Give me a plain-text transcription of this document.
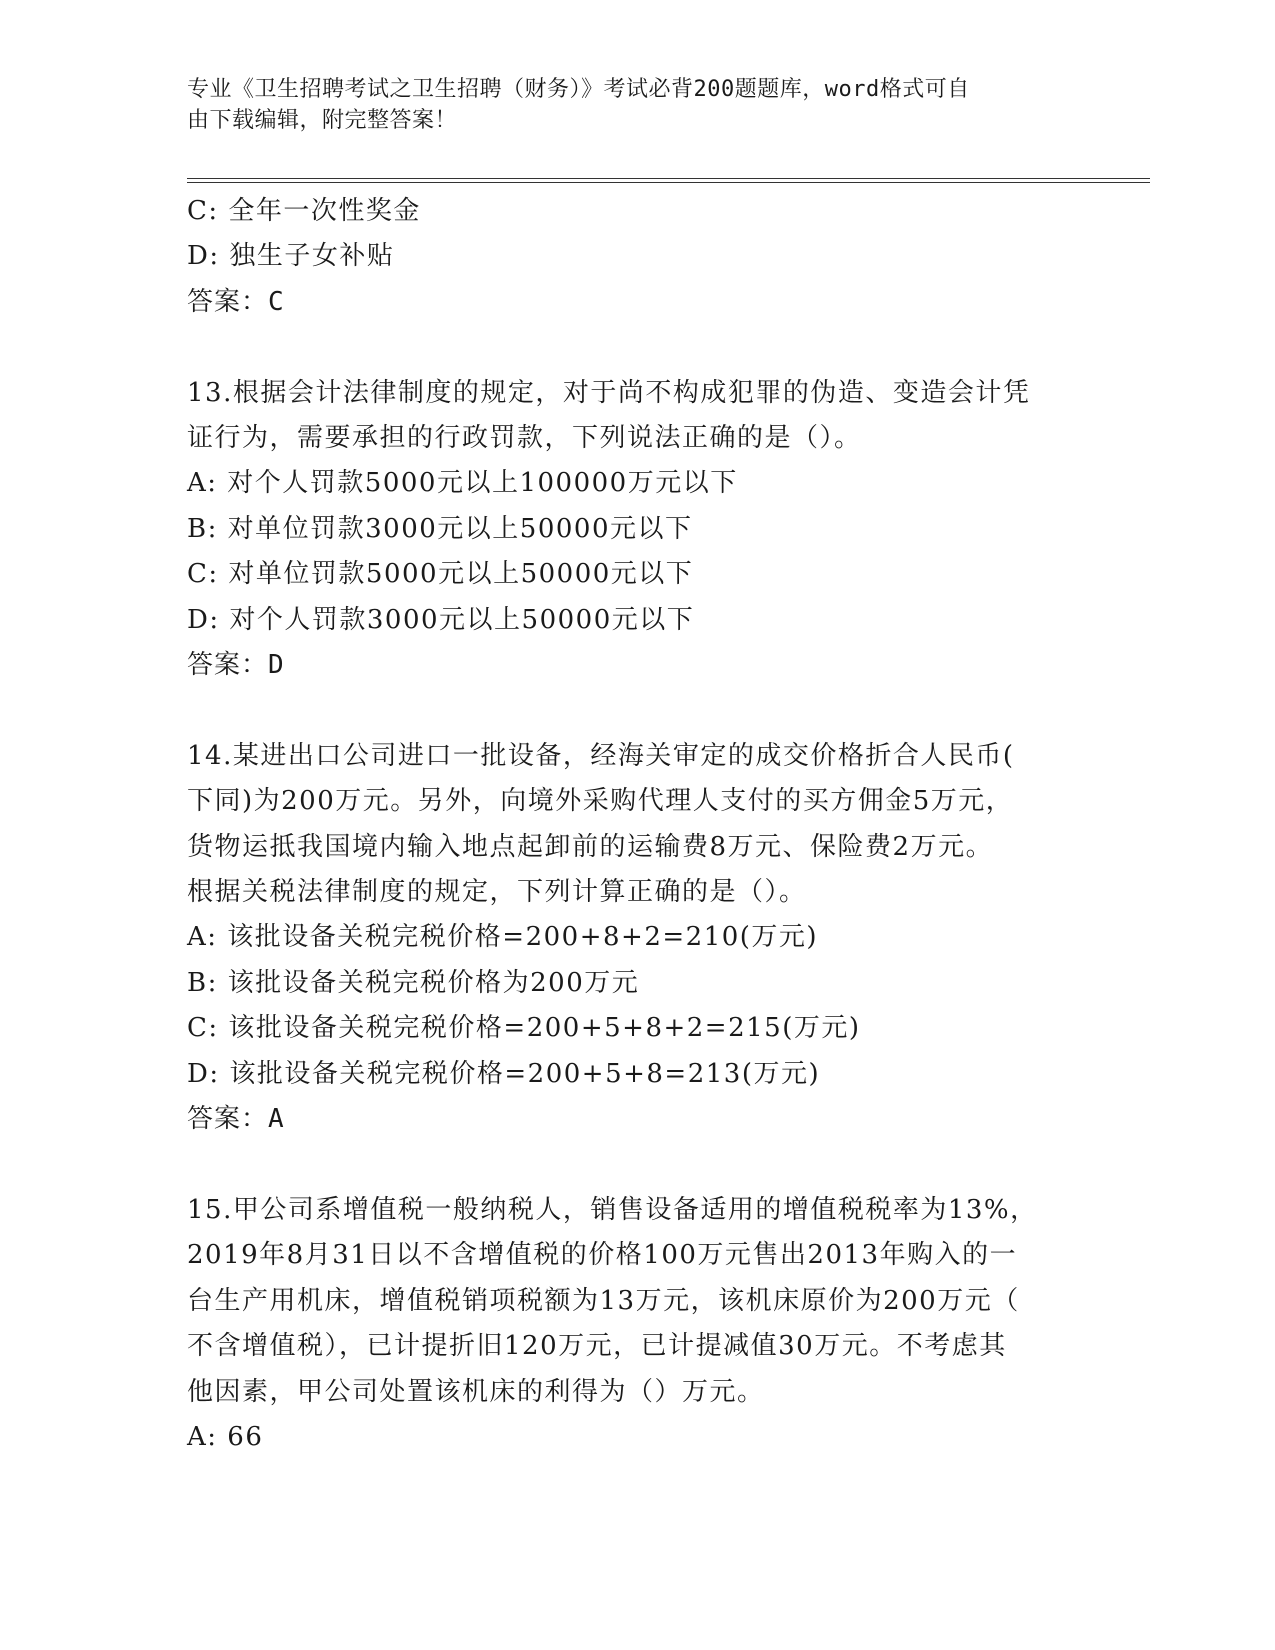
专业《卫生招聘考试之卫生招聘（财务）》考试必背200题题库，word格式可自
由下载编辑，附完整答案！
C: 全年一次性奖金
D: 独生子女补贴
答案：C
13.根据会计法律制度的规定，对于尚不构成犯罪的伪造、变造会计凭
证行为，需要承担的行政罚款，下列说法正确的是（）。
A: 对个人罚款5000元以上100000万元以下
B: 对单位罚款3000元以上50000元以下
C: 对单位罚款5000元以上50000元以下
D: 对个人罚款3000元以上50000元以下
答案：D
14.某进出口公司进口一批设备，经海关审定的成交价格折合人民币(
下同)为200万元。另外，向境外采购代理人支付的买方佣金5万元，
货物运抵我国境内输入地点起卸前的运输费8万元、保险费2万元。
根据关税法律制度的规定，下列计算正确的是（）。
A: 该批设备关税完税价格=200+8+2=210(万元)
B: 该批设备关税完税价格为200万元
C: 该批设备关税完税价格=200+5+8+2=215(万元)
D: 该批设备关税完税价格=200+5+8=213(万元)
答案：A
15.甲公司系增值税一般纳税人，销售设备适用的增值税税率为13%，
2019年8月31日以不含增值税的价格100万元售出2013年购入的一
台生产用机床，增值税销项税额为13万元，该机床原价为200万元（
不含增值税），已计提折旧120万元，已计提减值30万元。不考虑其
他因素，甲公司处置该机床的利得为（）万元。
A: 66
